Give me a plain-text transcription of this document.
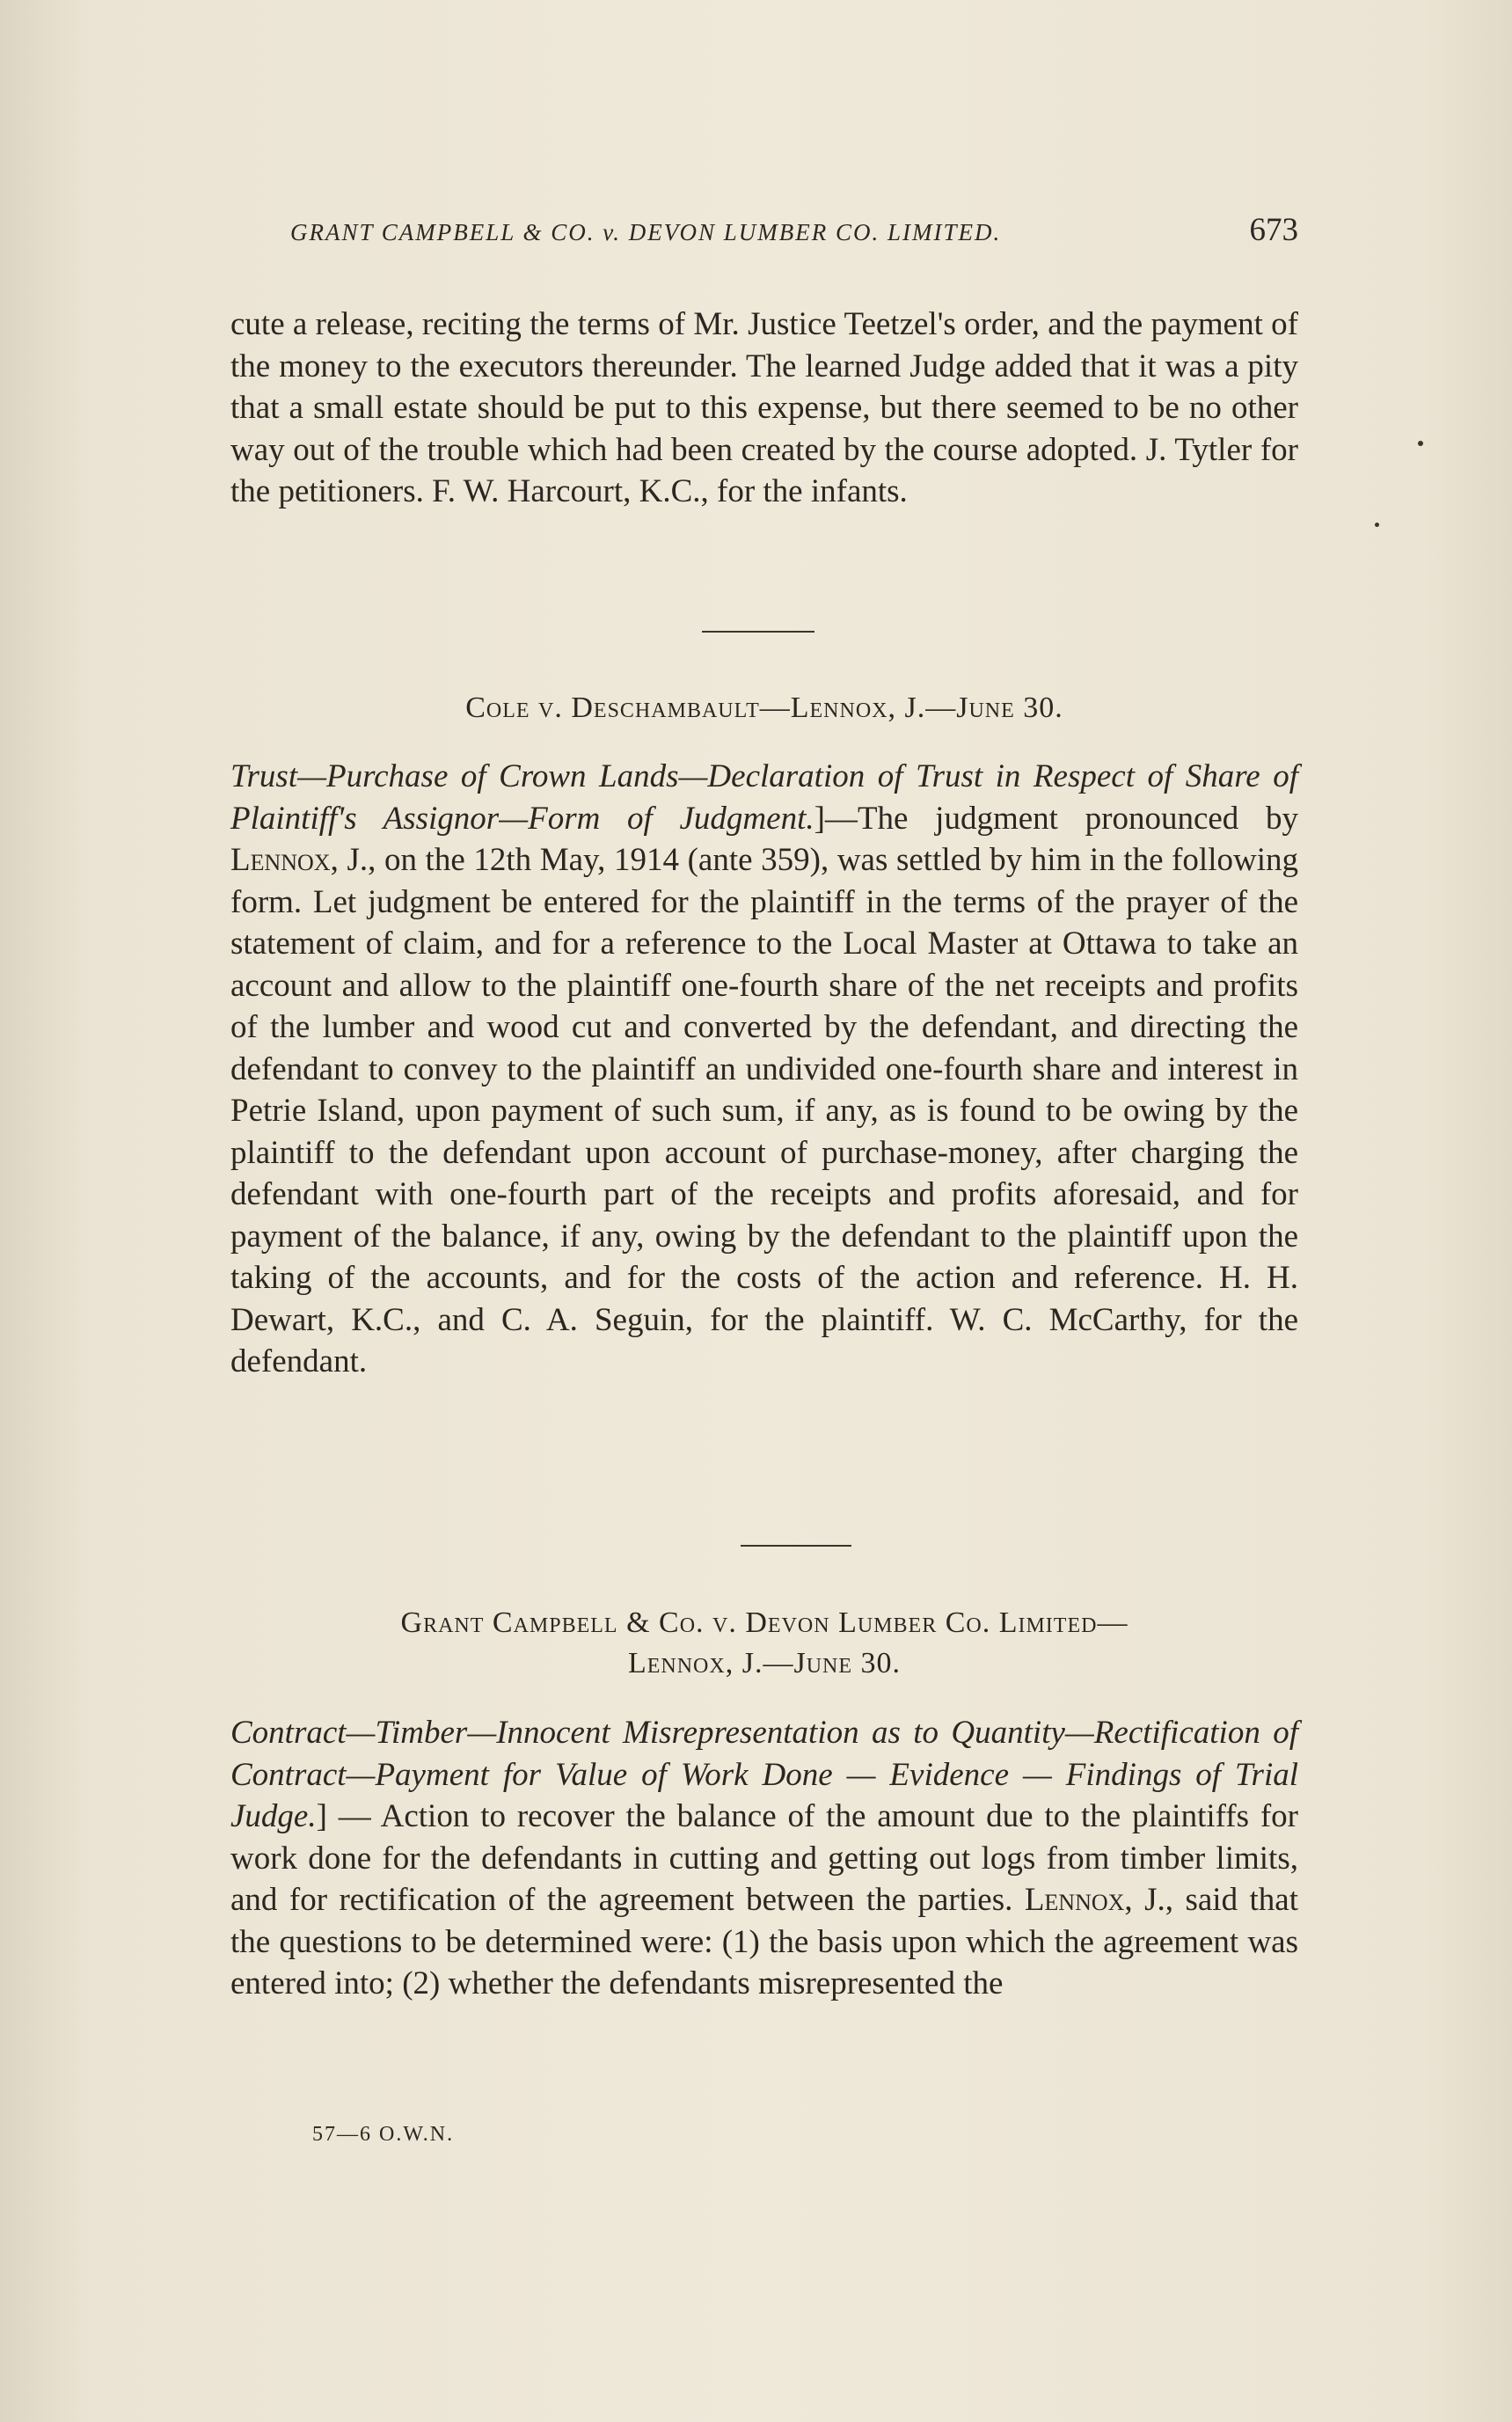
GRANT CAMPBELL & CO. v. DEVON LUMBER CO. LIMITED.	673

cute a release, reciting the terms of Mr. Justice Teetzel's order, and the payment of the money to the executors thereunder. The learned Judge added that it was a pity that a small estate should be put to this expense, but there seemed to be no other way out of the trouble which had been created by the course adopted. J. Tytler for the petitioners. F. W. Harcourt, K.C., for the infants.

Cole v. Deschambault—Lennox, J.—June 30.

Trust—Purchase of Crown Lands—Declaration of Trust in Respect of Share of Plaintiff's Assignor—Form of Judgment.]—The judgment pronounced by Lennox, J., on the 12th May, 1914 (ante 359), was settled by him in the following form. Let judgment be entered for the plaintiff in the terms of the prayer of the statement of claim, and for a reference to the Local Master at Ottawa to take an account and allow to the plaintiff one-fourth share of the net receipts and profits of the lumber and wood cut and converted by the defendant, and directing the defendant to convey to the plaintiff an undivided one-fourth share and interest in Petrie Island, upon payment of such sum, if any, as is found to be owing by the plaintiff to the defendant upon account of purchase-money, after charging the defendant with one-fourth part of the receipts and profits aforesaid, and for payment of the balance, if any, owing by the defendant to the plaintiff upon the taking of the accounts, and for the costs of the action and reference. H. H. Dewart, K.C., and C. A. Seguin, for the plaintiff. W. C. McCarthy, for the defendant.

Grant Campbell & Co. v. Devon Lumber Co. Limited—
Lennox, J.—June 30.

Contract—Timber—Innocent Misrepresentation as to Quantity—Rectification of Contract—Payment for Value of Work Done — Evidence — Findings of Trial Judge.] — Action to recover the balance of the amount due to the plaintiffs for work done for the defendants in cutting and getting out logs from timber limits, and for rectification of the agreement between the parties. Lennox, J., said that the questions to be determined were: (1) the basis upon which the agreement was entered into; (2) whether the defendants misrepresented the

57—6 O.W.N.
